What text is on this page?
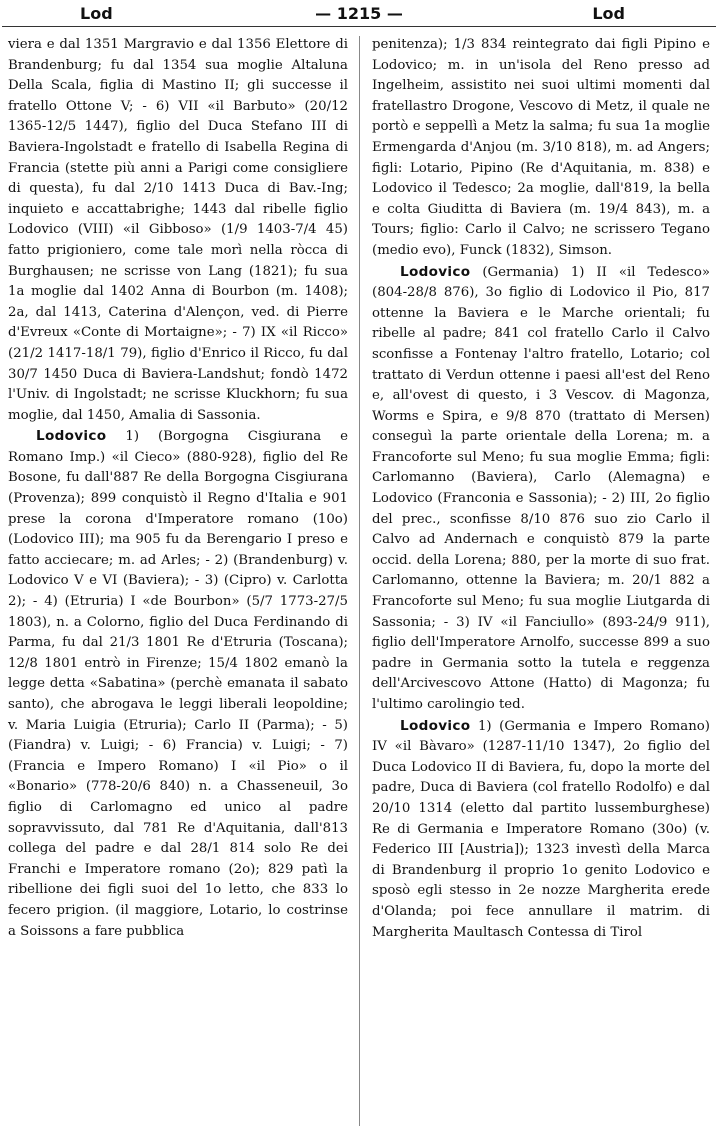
Lod	— 1215 —	Lod

viera e dal 1351 Margravio e dal 1356 Elettore di Brandenburg; fu dal 1354 sua moglie Altaluna Della Scala, figlia di Mastino II; gli successe il fratello Ottone V; - 6) VII «il Barbuto» (20/12 1365-12/5 1447), figlio del Duca Stefano III di Baviera-Ingolstadt e fratello di Isabella Regina di Francia (stette più anni a Parigi come consigliere di questa), fu dal 2/10 1413 Duca di Bav.-Ing; inquieto e accattabrighe; 1443 dal ribelle figlio Lodovico (VIII) «il Gibboso» (1/9 1403-7/4 45) fatto prigioniero, come tale morì nella ròcca di Burghausen; ne scrisse von Lang (1821); fu sua 1a moglie dal 1402 Anna di Bourbon (m. 1408); 2a, dal 1413, Caterina d'Alençon, ved. di Pierre d'Evreux «Conte di Mortaigne»; - 7) IX «il Ricco» (21/2 1417-18/1 79), figlio d'Enrico il Ricco, fu dal 30/7 1450 Duca di Baviera-Landshut; fondò 1472 l'Univ. di Ingolstadt; ne scrisse Kluckhorn; fu sua moglie, dal 1450, Amalia di Sassonia.

Lodovico 1) (Borgogna Cisgiurana e Romano Imp.) «il Cieco» (880-928), figlio del Re Bosone, fu dall'887 Re della Borgogna Cisgiurana (Provenza); 899 conquistò il Regno d'Italia e 901 prese la corona d'Imperatore romano (10o) (Lodovico III); ma 905 fu da Berengario I preso e fatto acciecare; m. ad Arles; - 2) (Brandenburg) v. Lodovico V e VI (Baviera); - 3) (Cipro) v. Carlotta 2); - 4) (Etruria) I «de Bourbon» (5/7 1773-27/5 1803), n. a Colorno, figlio del Duca Ferdinando di Parma, fu dal 21/3 1801 Re d'Etruria (Toscana); 12/8 1801 entrò in Firenze; 15/4 1802 emanò la legge detta «Sabatina» (perchè emanata il sabato santo), che abrogava le leggi liberali leopoldine; v. Maria Luigia (Etruria); Carlo II (Parma); - 5) (Fiandra) v. Luigi; - 6) Francia) v. Luigi; - 7) (Francia e Impero Romano) I «il Pio» o il «Bonario» (778-20/6 840) n. a Chasseneuil, 3o figlio di Carlomagno ed unico al padre sopravvissuto, dal 781 Re d'Aquitania, dall'813 collega del padre e dal 28/1 814 solo Re dei Franchi e Imperatore romano (2o); 829 patì la ribellione dei figli suoi del 1o letto, che 833 lo fecero prigion. (il maggiore, Lotario, lo costrinse a Soissons a fare pubblica

penitenza); 1/3 834 reintegrato dai figli Pipino e Lodovico; m. in un'isola del Reno presso ad Ingelheim, assistito nei suoi ultimi momenti dal fratellastro Drogone, Vescovo di Metz, il quale ne portò e seppellì a Metz la salma; fu sua 1a moglie Ermengarda d'Anjou (m. 3/10 818), m. ad Angers; figli: Lotario, Pipino (Re d'Aquitania, m. 838) e Lodovico il Tedesco; 2a moglie, dall'819, la bella e colta Giuditta di Baviera (m. 19/4 843), m. a Tours; figlio: Carlo il Calvo; ne scrissero Tegano (medio evo), Funck (1832), Simson.

Lodovico (Germania) 1) II «il Tedesco» (804-28/8 876), 3o figlio di Lodovico il Pio, 817 ottenne la Baviera e le Marche orientali; fu ribelle al padre; 841 col fratello Carlo il Calvo sconfisse a Fontenay l'altro fratello, Lotario; col trattato di Verdun ottenne i paesi all'est del Reno e, all'ovest di questo, i 3 Vescov. di Magonza, Worms e Spira, e 9/8 870 (trattato di Mersen) conseguì la parte orientale della Lorena; m. a Francoforte sul Meno; fu sua moglie Emma; figli: Carlomanno (Baviera), Carlo (Alemagna) e Lodovico (Franconia e Sassonia); - 2) III, 2o figlio del prec., sconfisse 8/10 876 suo zio Carlo il Calvo ad Andernach e conquistò 879 la parte occid. della Lorena; 880, per la morte di suo frat. Carlomanno, ottenne la Baviera; m. 20/1 882 a Francoforte sul Meno; fu sua moglie Liutgarda di Sassonia; - 3) IV «il Fanciullo» (893-24/9 911), figlio dell'Imperatore Arnolfo, successe 899 a suo padre in Germania sotto la tutela e reggenza dell'Arcivescovo Attone (Hatto) di Magonza; fu l'ultimo carolingio ted.

Lodovico 1) (Germania e Impero Romano) IV «il Bàvaro» (1287-11/10 1347), 2o figlio del Duca Lodovico II di Baviera, fu, dopo la morte del padre, Duca di Baviera (col fratello Rodolfo) e dal 20/10 1314 (eletto dal partito lussemburghese) Re di Germania e Imperatore Romano (30o) (v. Federico III [Austria]); 1323 investì della Marca di Brandenburg il proprio 1o genito Lodovico e sposò egli stesso in 2e nozze Margherita erede d'Olanda; poi fece annullare il matrim. di Margherita Maultasch Contessa di Tirol
